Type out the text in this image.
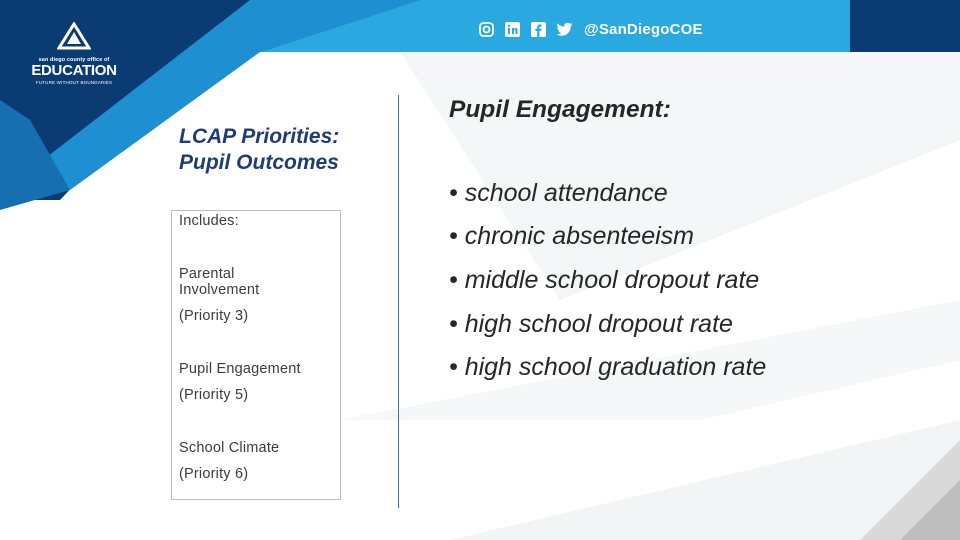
san diego county office of
EDUCATION
FUTURE WITHOUT BOUNDARIES
@SanDiegoCOE
LCAP Priorities:
Pupil Outcomes
Includes:
Parental
Involvement
(Priority 3)
Pupil Engagement
(Priority 5)
School Climate
(Priority 6)
Pupil Engagement:
• school attendance
• chronic absenteeism
• middle school dropout rate
• high school dropout rate
• high school graduation rate
